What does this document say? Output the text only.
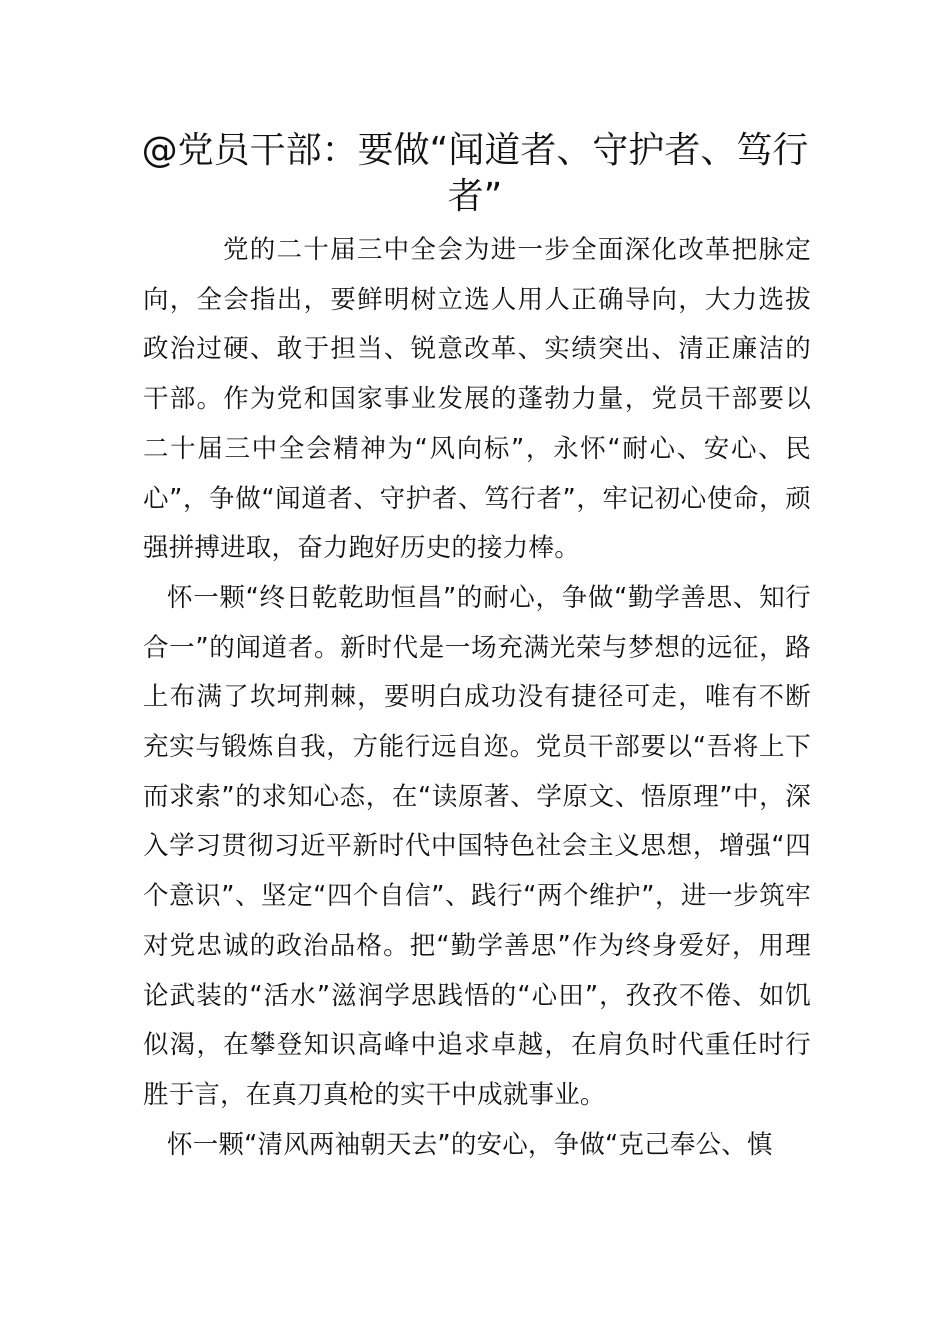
@党员干部：要做“闻道者、守护者、笃行者”

党的二十届三中全会为进一步全面深化改革把脉定向，全会指出，要鲜明树立选人用人正确导向，大力选拔政治过硬、敢于担当、锐意改革、实绩突出、清正廉洁的干部。作为党和国家事业发展的蓬勃力量，党员干部要以二十届三中全会精神为“风向标”，永怀“耐心、安心、民心”，争做“闻道者、守护者、笃行者”，牢记初心使命，顽强拼搏进取，奋力跑好历史的接力棒。

怀一颗“终日乾乾助恒昌”的耐心，争做“勤学善思、知行合一”的闻道者。新时代是一场充满光荣与梦想的远征，路上布满了坎坷荆棘，要明白成功没有捷径可走，唯有不断充实与锻炼自我，方能行远自迩。党员干部要以“吾将上下而求索”的求知心态，在“读原著、学原文、悟原理”中，深入学习贯彻习近平新时代中国特色社会主义思想，增强“四个意识”、坚定“四个自信”、践行“两个维护”，进一步筑牢对党忠诚的政治品格。把“勤学善思”作为终身爱好，用理论武装的“活水”滋润学思践悟的“心田”，孜孜不倦、如饥似渴，在攀登知识高峰中追求卓越，在肩负时代重任时行胜于言，在真刀真枪的实干中成就事业。

怀一颗“清风两袖朝天去”的安心，争做“克己奉公、慎
